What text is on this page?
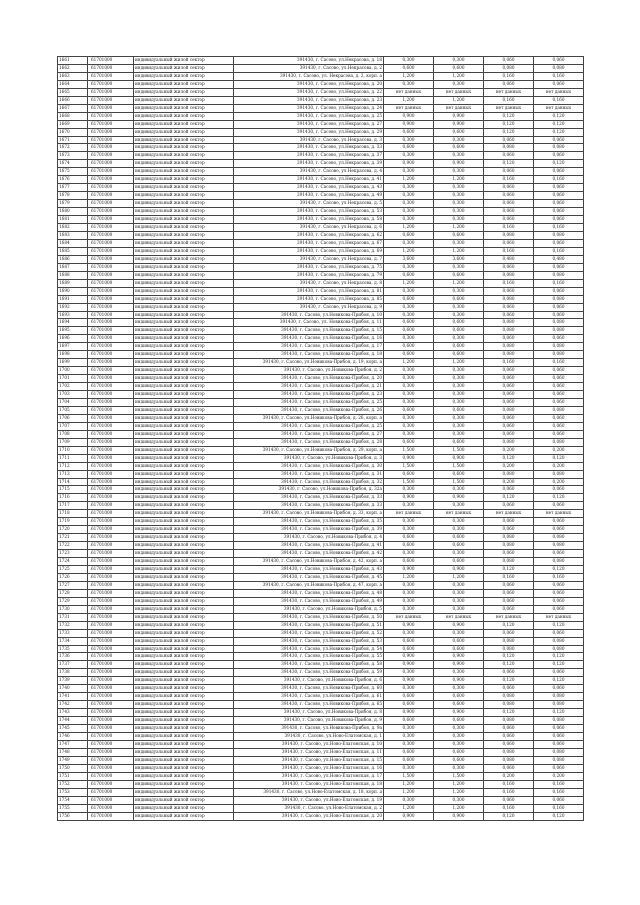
1661	61701000	индивидуальный жилой сектор	391430, г. Сасово, ул.Некрасова, д. 18	0,300	0,300	0,060	0,060
1662	61701000	индивидуальный жилой сектор	391430, г. Сасово, ул.Некрасова, д. 2	0,600	0,600	0,080	0,080
1663	61701000	индивидуальный жилой сектор	391430, г. Сасово, ул. Некрасова, д. 2, корп. а	1,200	1,200	0,160	0,160
1664	61701000	индивидуальный жилой сектор	391430, г. Сасово, ул.Некрасова, д. 20	0,300	0,300	0,060	0,060
1665	61701000	индивидуальный жилой сектор	391430, г. Сасово, ул.Некрасова, д. 22	нет данных	нет данных	нет данных	нет данных
1666	61701000	индивидуальный жилой сектор	391430, г. Сасово, ул.Некрасова, д. 23	1,200	1,200	0,160	0,160
1667	61701000	индивидуальный жилой сектор	391430, г. Сасово, ул.Некрасова, д. 24	нет данных	нет данных	нет данных	нет данных
1668	61701000	индивидуальный жилой сектор	391430, г. Сасово, ул.Некрасова, д. 25	0,900	0,900	0,120	0,120
1669	61701000	индивидуальный жилой сектор	391430, г. Сасово, ул.Некрасова, д. 27	0,900	0,900	0,120	0,120
1670	61701000	индивидуальный жилой сектор	391430, г. Сасово, ул.Некрасова, д. 29	0,600	0,600	0,120	0,120
1671	61701000	индивидуальный жилой сектор	391430, г. Сасово, ул.Некрасова, д. 3	0,300	0,300	0,060	0,060
1672	61701000	индивидуальный жилой сектор	391430, г. Сасово, ул.Некрасова, д. 33	0,600	0,600	0,080	0,080
1673	61701000	индивидуальный жилой сектор	391430, г. Сасово, ул.Некрасова, д. 37	0,300	0,300	0,060	0,060
1674	61701000	индивидуальный жилой сектор	391430, г. Сасово, ул.Некрасова, д. 39	0,900	0,900	0,120	0,120
1675	61701000	индивидуальный жилой сектор	391430, г. Сасово, ул.Некрасова, д. 4	0,300	0,300	0,060	0,060
1676	61701000	индивидуальный жилой сектор	391430, г. Сасово, ул.Некрасова, д. 41	1,200	1,200	0,160	0,160
1677	61701000	индивидуальный жилой сектор	391430, г. Сасово, ул.Некрасова, д. 43	0,300	0,300	0,060	0,060
1678	61701000	индивидуальный жилой сектор	391430, г. Сасово, ул.Некрасова, д. 49	0,300	0,300	0,060	0,060
1679	61701000	индивидуальный жилой сектор	391430, г. Сасово, ул.Некрасова, д. 5	0,300	0,300	0,060	0,060
1680	61701000	индивидуальный жилой сектор	391430, г. Сасово, ул.Некрасова, д. 53	0,300	0,300	0,060	0,060
1681	61701000	индивидуальный жилой сектор	391430, г. Сасово, ул.Некрасова, д. 58	0,300	0,300	0,060	0,060
1682	61701000	индивидуальный жилой сектор	391430, г. Сасово, ул.Некрасова, д. 6	1,200	1,200	0,160	0,160
1683	61701000	индивидуальный жилой сектор	391430, г. Сасово, ул.Некрасова, д. 62	0,600	0,600	0,080	0,080
1684	61701000	индивидуальный жилой сектор	391430, г. Сасово, ул.Некрасова, д. 67	0,300	0,300	0,060	0,060
1685	61701000	индивидуальный жилой сектор	391430, г. Сасово, ул.Некрасова, д. 69	1,200	1,200	0,160	0,160
1686	61701000	индивидуальный жилой сектор	391430, г. Сасово, ул.Некрасова, д. 7	3,600	3,600	0,480	0,480
1687	61701000	индивидуальный жилой сектор	391430, г. Сасово, ул.Некрасова, д. 75	0,300	0,300	0,060	0,060
1688	61701000	индивидуальный жилой сектор	391430, г. Сасово, ул.Некрасова, д. 79	0,600	0,600	0,080	0,080
1689	61701000	индивидуальный жилой сектор	391430, г. Сасово, ул.Некрасова, д. 8	1,200	1,200	0,160	0,160
1690	61701000	индивидуальный жилой сектор	391430, г. Сасово, ул.Некрасова, д. 81	0,300	0,300	0,060	0,060
1691	61701000	индивидуальный жилой сектор	391430, г. Сасово, ул.Некрасова, д. 85	0,600	0,600	0,080	0,080
1692	61701000	индивидуальный жилой сектор	391430, г. Сасово, ул.Некрасова, д. 9	0,300	0,300	0,060	0,060
1693	61701000	индивидуальный жилой сектор	391430, г. Сасово, ул.Новикова-Прибоя, д. 10	0,300	0,300	0,060	0,060
1694	61701000	индивидуальный жилой сектор	391430, г. Сасово, ул. Новикова-Прибоя, д. 11	0,600	0,600	0,080	0,080
1695	61701000	индивидуальный жилой сектор	391430, г. Сасово, ул.Новикова-Прибоя, д. 15	0,600	0,600	0,080	0,080
1696	61701000	индивидуальный жилой сектор	391430, г. Сасово, ул.Новикова-Прибоя, д. 16	0,300	0,300	0,060	0,060
1697	61701000	индивидуальный жилой сектор	391430, г. Сасово, ул.Новикова-Прибоя, д. 17	0,600	0,600	0,080	0,080
1698	61701000	индивидуальный жилой сектор	391430, г. Сасово, ул.Новикова-Прибоя, д. 18	0,600	0,600	0,080	0,080
1699	61701000	индивидуальный жилой сектор	391430, г. Сасово, ул.Новикова-Прибоя, д. 19, корп. а	1,200	1,200	0,160	0,160
1700	61701000	индивидуальный жилой сектор	391430, г. Сасово, ул.Новикова-Прибоя, д. 2	0,300	0,300	0,060	0,060
1701	61701000	индивидуальный жилой сектор	391430, г. Сасово, ул.Новикова-Прибоя, д. 20	0,300	0,300	0,060	0,060
1702	61701000	индивидуальный жилой сектор	391430, г. Сасово, ул.Новикова-Прибоя, д. 21	0,300	0,300	0,060	0,060
1703	61701000	индивидуальный жилой сектор	391430, г. Сасово, ул.Новикова-Прибоя, д. 23	0,300	0,300	0,060	0,060
1704	61701000	индивидуальный жилой сектор	391430, г. Сасово, ул.Новикова-Прибоя, д. 25	0,300	0,300	0,060	0,060
1705	61701000	индивидуальный жилой сектор	391430, г. Сасово, ул.Новикова-Прибоя, д. 26	0,600	0,600	0,080	0,080
1706	61701000	индивидуальный жилой сектор	391430, г. Сасово, ул.Новикова-Прибоя, д. 26, корп. а	0,300	0,300	0,060	0,060
1707	61701000	индивидуальный жилой сектор	391430, г. Сасово, ул.Новикова-Прибоя, д. 25	0,300	0,300	0,060	0,060
1708	61701000	индивидуальный жилой сектор	391430, г. Сасово, ул.Новикова-Прибоя, д. 27	0,300	0,300	0,060	0,060
1709	61701000	индивидуальный жилой сектор	391430, г. Сасово, ул.Новикова-Прибоя, д. 28	0,600	0,600	0,080	0,080
1710	61701000	индивидуальный жилой сектор	391430, г. Сасово, ул.Новикова-Прибоя, д. 29, корп. а	1,500	1,500	0,200	0,200
1711	61701000	индивидуальный жилой сектор	391430, г. Сасово, ул.Новикова-Прибоя, д. 3	0,900	0,900	0,120	0,120
1712	61701000	индивидуальный жилой сектор	391430, г. Сасово, ул.Новикова-Прибоя, д. 30	1,500	1,500	0,200	0,200
1713	61701000	индивидуальный жилой сектор	391430, г. Сасово, ул.Новикова-Прибоя, д. 31	0,600	0,600	0,080	0,080
1714	61701000	индивидуальный жилой сектор	391430, г. Сасово, ул.Новикова-Прибоя, д. 32	1,500	1,500	0,200	0,200
1715	61701000	индивидуальный жилой сектор	391430, г. Сасово, ул.Новикова-Прибоя, д. 32а	0,300	0,300	0,060	0,060
1716	61701000	индивидуальный жилой сектор	391430, г. Сасово, ул.Новикова-Прибоя, д. 33	0,900	0,900	0,120	0,120
1717	61701000	индивидуальный жилой сектор	391430, г. Сасово, ул.Новикова-Прибоя, д. 33	0,300	0,300	0,060	0,060
1718	61701000	индивидуальный жилой сектор	391430, г. Сасово, ул.Новикова-Прибоя, д. 33, корп. а	нет данных	нет данных	нет данных	нет данных
1719	61701000	индивидуальный жилой сектор	391430, г. Сасово, ул.Новикова-Прибоя, д. 35	0,300	0,300	0,060	0,060
1720	61701000	индивидуальный жилой сектор	391430, г. Сасово, ул.Новикова-Прибоя, д. 39	0,300	0,300	0,060	0,060
1721	61701000	индивидуальный жилой сектор	391430, г. Сасово, ул.Новикова-Прибоя, д. 4	0,600	0,600	0,080	0,080
1722	61701000	индивидуальный жилой сектор	391430, г. Сасово, ул.Новикова-Прибоя, д. 41	0,600	0,600	0,080	0,080
1723	61701000	индивидуальный жилой сектор	391430, г. Сасово, ул.Новикова-Прибоя, д. 42	0,300	0,300	0,060	0,060
1724	61701000	индивидуальный жилой сектор	391430, г. Сасово, ул.Новикова-Прибоя, д. 42, корп. а	0,600	0,600	0,080	0,080
1725	61701000	индивидуальный жилой сектор	391430, г. Сасово, ул.Новикова-Прибоя, д. 43	0,900	0,900	0,120	0,120
1726	61701000	индивидуальный жилой сектор	391430, г. Сасово, ул.Новикова-Прибоя, д. 45	1,200	1,200	0,160	0,160
1727	61701000	индивидуальный жилой сектор	391430, г. Сасово, ул.Новикова-Прибоя, д. 47, корп. а	0,300	0,300	0,060	0,060
1728	61701000	индивидуальный жилой сектор	391430, г. Сасово, ул.Новикова-Прибоя, д. 48	0,300	0,300	0,060	0,060
1729	61701000	индивидуальный жилой сектор	391430, г. Сасово, ул.Новикова-Прибоя, д. 49	0,300	0,300	0,060	0,060
1730	61701000	индивидуальный жилой сектор	391430, г. Сасово, ул.Новикова-Прибоя, д. 5	0,300	0,300	0,060	0,060
1731	61701000	индивидуальный жилой сектор	391430, г. Сасово, ул.Новикова-Прибоя, д. 50	нет данных	нет данных	нет данных	нет данных
1732	61701000	индивидуальный жилой сектор	391430, г. Сасово, ул.Новикова-Прибоя, д. 51	0,900	0,900	0,120	0,120
1733	61701000	индивидуальный жилой сектор	391430, г. Сасово, ул.Новикова-Прибоя, д. 52	0,300	0,300	0,060	0,060
1734	61701000	индивидуальный жилой сектор	391430, г. Сасово, ул.Новикова-Прибоя, д. 53	0,600	0,600	0,080	0,080
1735	61701000	индивидуальный жилой сектор	391430, г. Сасово, ул.Новикова-Прибоя, д. 54	0,600	0,600	0,080	0,080
1736	61701000	индивидуальный жилой сектор	391430, г. Сасово, ул.Новикова-Прибоя, д. 55	0,900	0,900	0,120	0,120
1737	61701000	индивидуальный жилой сектор	391430, г. Сасово, ул.Новикова-Прибоя, д. 58	0,900	0,900	0,120	0,120
1738	61701000	индивидуальный жилой сектор	391430, г. Сасово, ул.Новикова-Прибоя, д. 59	0,300	0,300	0,060	0,060
1739	61701000	индивидуальный жилой сектор	391430, г. Сасово, ул.Новикова-Прибоя, д. 6	0,900	0,900	0,120	0,120
1740	61701000	индивидуальный жилой сектор	391430, г. Сасово, ул.Новикова-Прибоя, д. 60	0,300	0,300	0,060	0,060
1741	61701000	индивидуальный жилой сектор	391430, г. Сасово, ул.Новикова-Прибоя, д. 61	0,600	0,600	0,080	0,080
1742	61701000	индивидуальный жилой сектор	391430, г. Сасово, ул.Новикова-Прибоя, д. 65	0,600	0,600	0,080	0,080
1743	61701000	индивидуальный жилой сектор	391430, г. Сасово, ул.Новикова-Прибоя, д. 8	0,900	0,900	0,120	0,120
1744	61701000	индивидуальный жилой сектор	391430, г. Сасово, ул.Новикова-Прибоя, д. 9	0,600	0,600	0,080	0,080
1745	61701000	индивидуальный жилой сектор	391430, г. Сасово, ул.Новикова-Прибоя, д. 9а	0,300	0,300	0,060	0,060
1746	61701000	индивидуальный жилой сектор	391430, г. Сасово, ул.Ново-Елатомская, д. 1	0,300	0,300	0,060	0,060
1747	61701000	индивидуальный жилой сектор	391430, г. Сасово, ул.Ново-Елатомская, д. 10	0,300	0,300	0,060	0,060
1748	61701000	индивидуальный жилой сектор	391430, г. Сасово, ул.Ново-Елатомская, д. 11	0,600	0,600	0,080	0,080
1749	61701000	индивидуальный жилой сектор	391430, г. Сасово, ул.Ново-Елатомская, д. 15	0,600	0,600	0,080	0,080
1750	61701000	индивидуальный жилой сектор	391430, г. Сасово, ул.Ново-Елатомская, д. 16	0,300	0,300	0,060	0,060
1751	61701000	индивидуальный жилой сектор	391430, г. Сасово, ул.Ново-Елатомская, д. 17	1,500	1,500	0,200	0,200
1752	61701000	индивидуальный жилой сектор	391430, г. Сасово, ул.Ново-Елатомская, д. 18	1,200	1,200	0,160	0,160
1753	61701000	индивидуальный жилой сектор	391430, г. Сасово, ул.Ново-Елатомская, д. 18, корп. а	1,200	1,200	0,160	0,160
1754	61701000	индивидуальный жилой сектор	391430, г. Сасово, ул.Ново-Елатомская, д. 19	0,300	0,300	0,060	0,060
1755	61701000	индивидуальный жилой сектор	391430, г. Сасово, ул.Ново-Елатомская, д. 2	1,200	1,200	0,160	0,160
1756	61701000	индивидуальный жилой сектор	391430, г. Сасово, ул.Ново-Елатомская, д. 20	0,900	0,900	0,120	0,120
